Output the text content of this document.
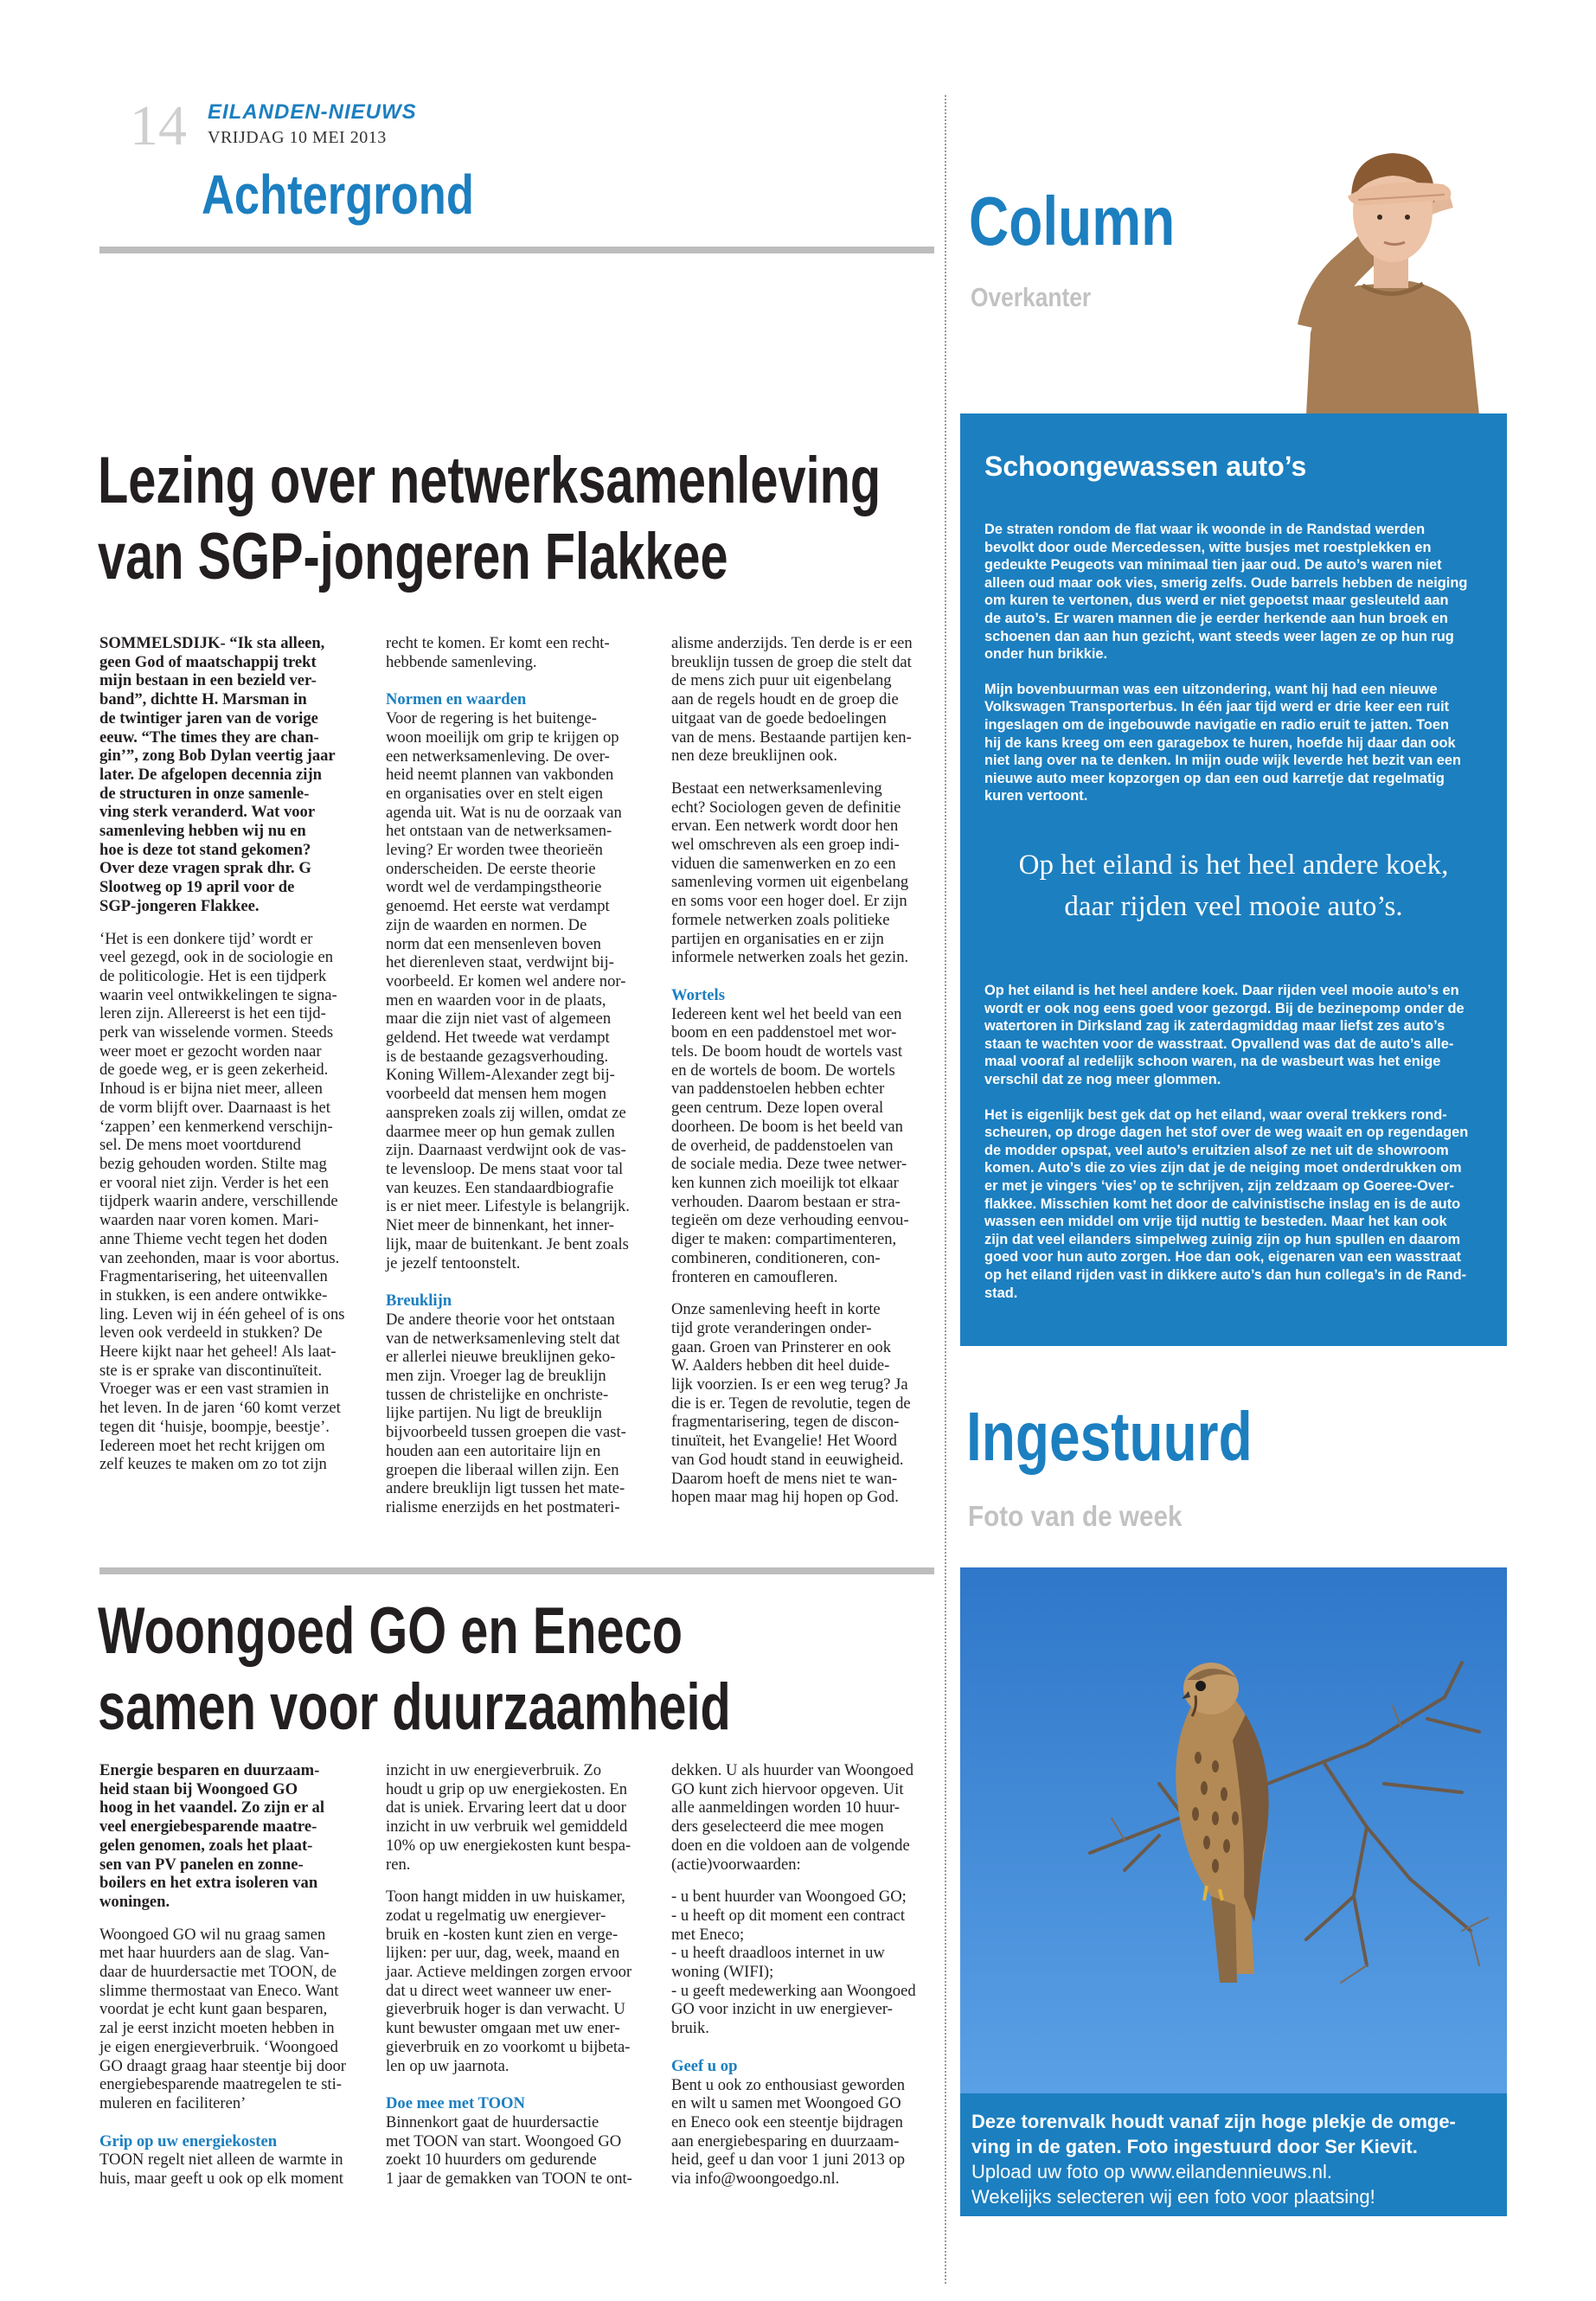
14 EILANDEN-NIEUWS
VRIJDAG 10 MEI 2013
Achtergrond	Column
Overkanter
Schoongewassen auto’s
De straten rondom de flat waar ik woonde in de Randstad werden
bevolkt door oude Mercedessen, witte busjes met roestplekken en
gedeukte Peugeots van minimaal tien jaar oud. De auto’s waren niet
alleen oud maar ook vies, smerig zelfs. Oude barrels hebben de neiging
om kuren te vertonen, dus werd er niet gepoetst maar gesleuteld aan
de auto’s. Er waren mannen die je eerder herkende aan hun broek en
schoenen dan aan hun gezicht, want steeds weer lagen ze op hun rug
onder hun brikkie.
Mijn bovenbuurman was een uitzondering, want hij had een nieuwe
Volkswagen Transporterbus. In één jaar tijd werd er drie keer een ruit
ingeslagen om de ingebouwde navigatie en radio eruit te jatten. Toen
hij de kans kreeg om een garagebox te huren, hoefde hij daar dan ook
niet lang over na te denken. In mijn oude wijk leverde het bezit van een
nieuwe auto meer kopzorgen op dan een oud karretje dat regelmatig
kuren vertoont.
Op het eiland is het heel andere koek,
daar rijden veel mooie auto’s.
Op het eiland is het heel andere koek. Daar rijden veel mooie auto’s en
wordt er ook nog eens goed voor gezorgd. Bij de bezinepomp onder de
watertoren in Dirksland zag ik zaterdagmiddag maar liefst zes auto’s
staan te wachten voor de wasstraat. Opvallend was dat de auto’s alle-
maal vooraf al redelijk schoon waren, na de wasbeurt was het enige
verschil dat ze nog meer glommen.
Het is eigenlijk best gek dat op het eiland, waar overal trekkers rond-
scheuren, op droge dagen het stof over de weg waait en op regendagen
de modder opspat, veel auto’s eruitzien alsof ze net uit de showroom
komen. Auto’s die zo vies zijn dat je de neiging moet onderdrukken om
er met je vingers ‘vies’ op te schrijven, zijn zeldzaam op Goeree-Over-
flakkee. Misschien komt het door de calvinistische inslag en is de auto
wassen een middel om vrije tijd nuttig te besteden. Maar het kan ook
zijn dat veel eilanders simpelweg zuinig zijn op hun spullen en daarom
goed voor hun auto zorgen. Hoe dan ook, eigenaren van een wasstraat
op het eiland rijden vast in dikkere auto’s dan hun collega’s in de Rand-
stad.
Lezing over netwerksamenleving
van SGP-jongeren Flakkee
SOMMELSDIJK- “Ik sta alleen,
geen God of maatschappij trekt
mijn bestaan in een bezield ver-
band”, dichtte H. Marsman in
de twintiger jaren van de vorige
eeuw. “The times they are chan-
gin’”, zong Bob Dylan veertig jaar
later. De afgelopen decennia zijn
de structuren in onze samenle-
ving sterk veranderd. Wat voor
samenleving hebben wij nu en
hoe is deze tot stand gekomen?
Over deze vragen sprak dhr. G
Slootweg op 19 april voor de
SGP-jongeren Flakkee.
‘Het is een donkere tijd’ wordt er
veel gezegd, ook in de sociologie en
de politicologie. Het is een tijdperk
waarin veel ontwikkelingen te signa-
leren zijn. Allereerst is het een tijd-
perk van wisselende vormen. Steeds
weer moet er gezocht worden naar
de goede weg, er is geen zekerheid.
Inhoud is er bijna niet meer, alleen
de vorm blijft over. Daarnaast is het
‘zappen’ een kenmerkend verschijn-
sel. De mens moet voortdurend
bezig gehouden worden. Stilte mag
er vooral niet zijn. Verder is het een
tijdperk waarin andere, verschillende
waarden naar voren komen. Mari-
anne Thieme vecht tegen het doden
van zeehonden, maar is voor abortus.
Fragmentarisering, het uiteenvallen
in stukken, is een andere ontwikke-
ling. Leven wij in één geheel of is ons
leven ook verdeeld in stukken? De
Heere kijkt naar het geheel! Als laat-
ste is er sprake van discontinuïteit.
Vroeger was er een vast stramien in
het leven. In de jaren ‘60 komt verzet
tegen dit ‘huisje, boompje, beestje’.
Iedereen moet het recht krijgen om
zelf keuzes te maken om zo tot zijn
recht te komen. Er komt een recht-
hebbende samenleving.
Normen en waarden
Voor de regering is het buitenge-
woon moeilijk om grip te krijgen op
een netwerksamenleving. De over-
heid neemt plannen van vakbonden
en organisaties over en stelt eigen
agenda uit. Wat is nu de oorzaak van
het ontstaan van de netwerksamen-
leving? Er worden twee theorieën
onderscheiden. De eerste theorie
wordt wel de verdampingstheorie
genoemd. Het eerste wat verdampt
zijn de waarden en normen. De
norm dat een mensenleven boven
het dierenleven staat, verdwijnt bij-
voorbeeld. Er komen wel andere nor-
men en waarden voor in de plaats,
maar die zijn niet vast of algemeen
geldend. Het tweede wat verdampt
is de bestaande gezagsverhouding.
Koning Willem-Alexander zegt bij-
voorbeeld dat mensen hem mogen
aanspreken zoals zij willen, omdat ze
daarmee meer op hun gemak zullen
zijn. Daarnaast verdwijnt ook de vas-
te levensloop. De mens staat voor tal
van keuzes. Een standaardbiografie
is er niet meer. Lifestyle is belangrijk.
Niet meer de binnenkant, het inner-
lijk, maar de buitenkant. Je bent zoals
je jezelf tentoonstelt.
Breuklijn
De andere theorie voor het ontstaan
van de netwerksamenleving stelt dat
er allerlei nieuwe breuklijnen geko-
men zijn. Vroeger lag de breuklijn
tussen de christelijke en onchriste-
lijke partijen. Nu ligt de breuklijn
bijvoorbeeld tussen groepen die vast-
houden aan een autoritaire lijn en
groepen die liberaal willen zijn. Een
andere breuklijn ligt tussen het mate-
rialisme enerzijds en het postmateri-
alisme anderzijds. Ten derde is er een
breuklijn tussen de groep die stelt dat
de mens zich puur uit eigenbelang
aan de regels houdt en de groep die
uitgaat van de goede bedoelingen
van de mens. Bestaande partijen ken-
nen deze breuklijnen ook.
Bestaat een netwerksamenleving
echt? Sociologen geven de definitie
ervan. Een netwerk wordt door hen
wel omschreven als een groep indi-
viduen die samenwerken en zo een
samenleving vormen uit eigenbelang
en soms voor een hoger doel. Er zijn
formele netwerken zoals politieke
partijen en organisaties en er zijn
informele netwerken zoals het gezin.
Wortels
Iedereen kent wel het beeld van een
boom en een paddenstoel met wor-
tels. De boom houdt de wortels vast
en de wortels de boom. De wortels
van paddenstoelen hebben echter
geen centrum. Deze lopen overal
doorheen. De boom is het beeld van
de overheid, de paddenstoelen van
de sociale media. Deze twee netwer-
ken kunnen zich moeilijk tot elkaar
verhouden. Daarom bestaan er stra-
tegieën om deze verhouding eenvou-
diger te maken: compartimenteren,
combineren, conditioneren, con-
fronteren en camoufleren.
Onze samenleving heeft in korte
tijd grote veranderingen onder-
gaan. Groen van Prinsterer en ook
W. Aalders hebben dit heel duide-
lijk voorzien. Is er een weg terug? Ja
die is er. Tegen de revolutie, tegen de
fragmentarisering, tegen de discon-
tinuïteit, het Evangelie! Het Woord
van God houdt stand in eeuwigheid.
Daarom hoeft de mens niet te wan-
hopen maar mag hij hopen op God.
Woongoed GO en Eneco
samen voor duurzaamheid
Energie besparen en duurzaam-
heid staan bij Woongoed GO
hoog in het vaandel. Zo zijn er al
veel energiebesparende maatre-
gelen genomen, zoals het plaat-
sen van PV panelen en zonne-
boilers en het extra isoleren van
woningen.
Woongoed GO wil nu graag samen
met haar huurders aan de slag. Van-
daar de huurdersactie met TOON, de
slimme thermostaat van Eneco. Want
voordat je echt kunt gaan besparen,
zal je eerst inzicht moeten hebben in
je eigen energieverbruik. ‘Woongoed
GO draagt graag haar steentje bij door
energiebesparende maatregelen te sti-
muleren en faciliteren’
Grip op uw energiekosten
TOON regelt niet alleen de warmte in
huis, maar geeft u ook op elk moment
inzicht in uw energieverbruik. Zo
houdt u grip op uw energiekosten. En
dat is uniek. Ervaring leert dat u door
inzicht in uw verbruik wel gemiddeld
10% op uw energiekosten kunt bespa-
ren.
Toon hangt midden in uw huiskamer,
zodat u regelmatig uw energiever-
bruik en -kosten kunt zien en verge-
lijken: per uur, dag, week, maand en
jaar. Actieve meldingen zorgen ervoor
dat u direct weet wanneer uw ener-
gieverbruik hoger is dan verwacht. U
kunt bewuster omgaan met uw ener-
gieverbruik en zo voorkomt u bijbeta-
len op uw jaarnota.
Doe mee met TOON
Binnenkort gaat de huurdersactie
met TOON van start. Woongoed GO
zoekt 10 huurders om gedurende
1 jaar de gemakken van TOON te ont-
dekken. U als huurder van Woongoed
GO kunt zich hiervoor opgeven. Uit
alle aanmeldingen worden 10 huur-
ders geselecteerd die mee mogen
doen en die voldoen aan de volgende
(actie)voorwaarden:
- u bent huurder van Woongoed GO;
- u heeft op dit moment een contract
met Eneco;
- u heeft draadloos internet in uw
woning (WIFI);
- u geeft medewerking aan Woongoed
GO voor inzicht in uw energiever-
bruik.
Geef u op
Bent u ook zo enthousiast geworden
en wilt u samen met Woongoed GO
en Eneco ook een steentje bijdragen
aan energiebesparing en duurzaam-
heid, geef u dan voor 1 juni 2013 op
via info@woongoedgo.nl.
Ingestuurd
Foto van de week
Deze torenvalk houdt vanaf zijn hoge plekje de omge-
ving in de gaten. Foto ingestuurd door Ser Kievit.
Upload uw foto op www.eilandennieuws.nl.
Wekelijks selecteren wij een foto voor plaatsing!
